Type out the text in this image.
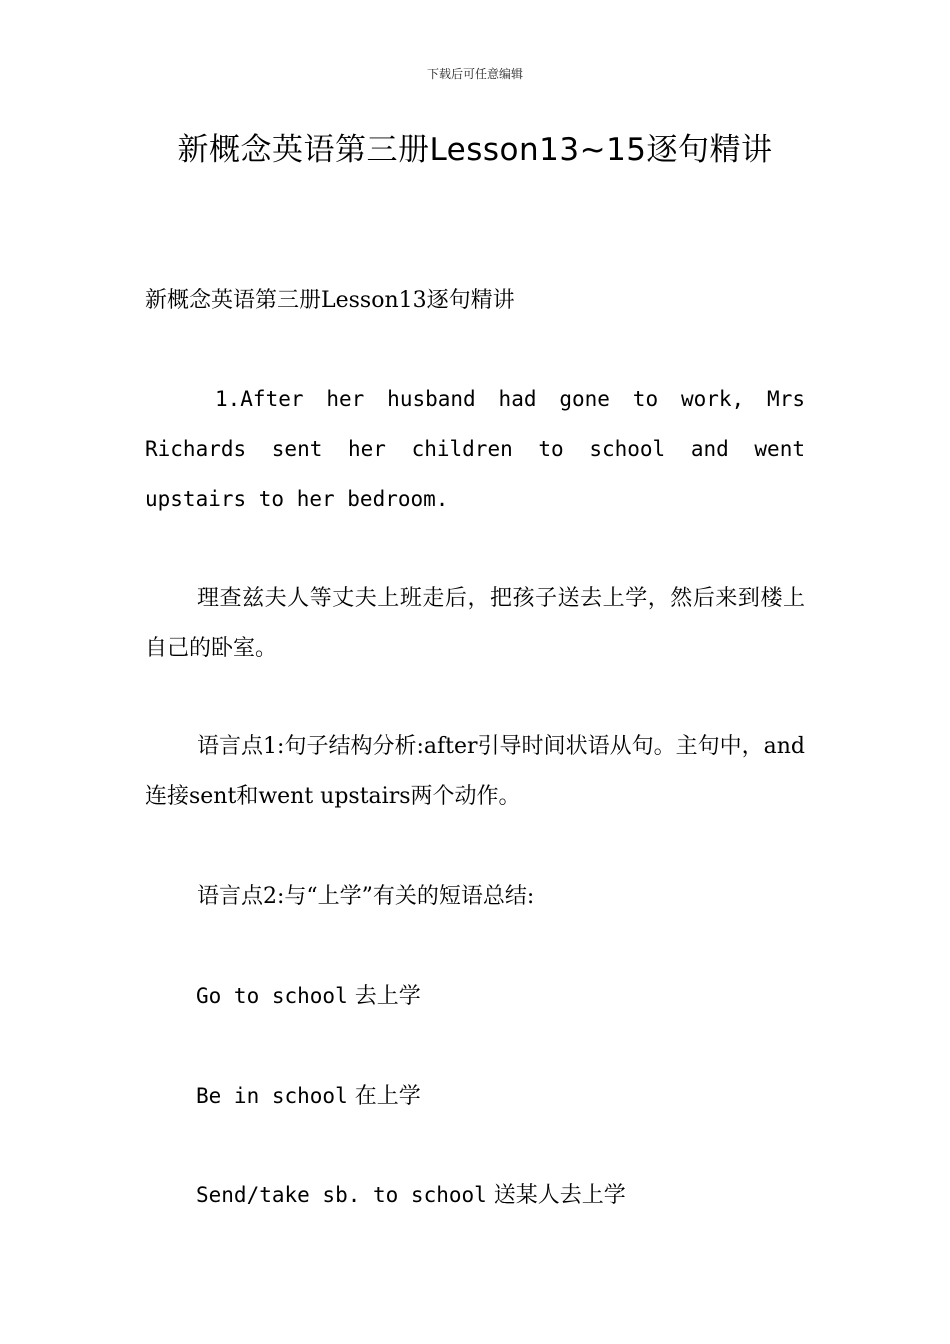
下载后可任意编辑
新概念英语第三册Lesson13~15逐句精讲

新概念英语第三册Lesson13逐句精讲

1.After her husband had gone to work, Mrs Richards sent her children to school and went upstairs to her bedroom.

理查兹夫人等丈夫上班走后，把孩子送去上学，然后来到楼上自己的卧室。

语言点1:句子结构分析:after引导时间状语从句。主句中，and连接sent和went upstairs两个动作。

语言点2:与“上学”有关的短语总结:

Go to school 去上学

Be in school 在上学

Send/take sb. to school 送某人去上学
